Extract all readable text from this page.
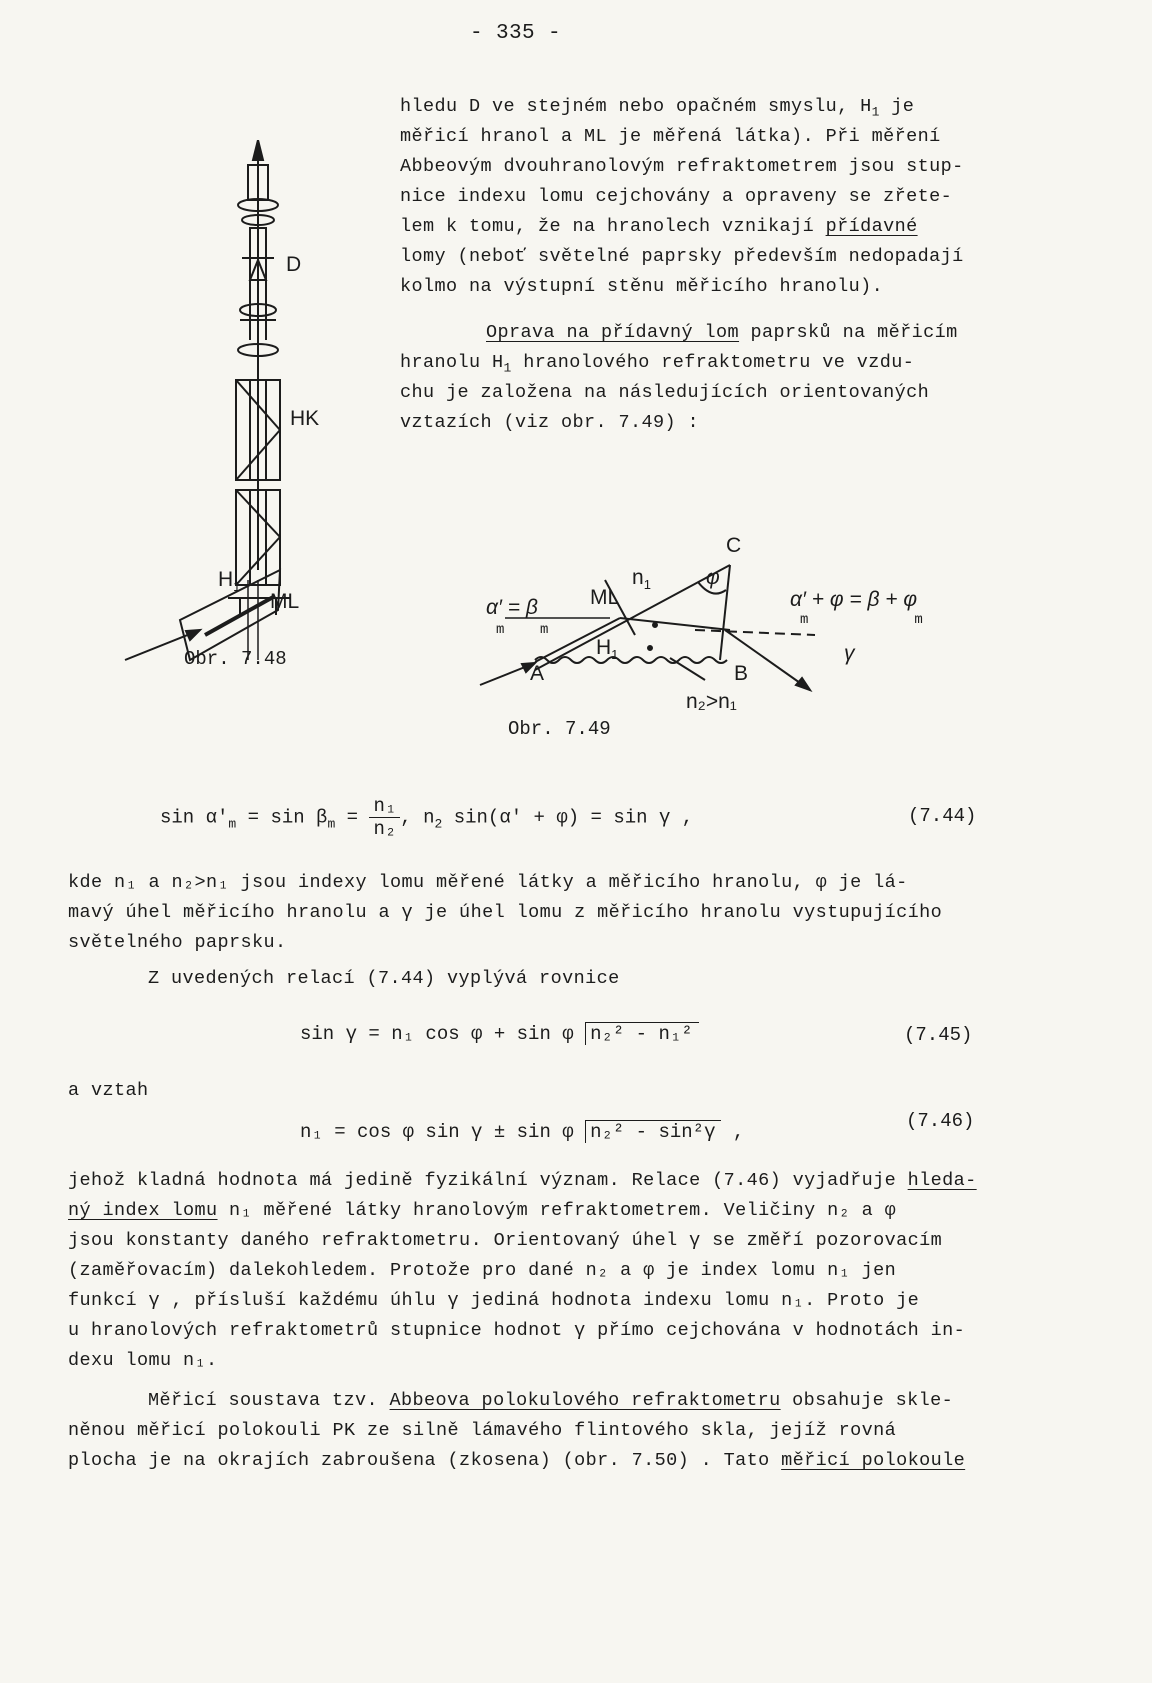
- 335 -
hledu D ve stejném nebo opačném smyslu, $H_1$ je
měřicí hranol a ML je měřená látka). Při měření
Abbeovým dvouhranolovým refraktometrem jsou stup-
nice indexu lomu cejchovány a opraveny se zřete-
lem k tomu, že na hranolech vznikají přídavné
lomy (neboť světelné paprsky především nedopadají
kolmo na výstupní stěnu měřicího hranolu).
Oprava na přídavný lom paprsků na měřicím
hranolu $H_1$ hranolového refraktometru ve vzdu-
chu je založena na následujících orientovaných
vztazích (viz obr. 7.49) :
D
HK
$H_1$
ML
Obr. 7.48
C
A	B
ML
$n_1$
$H_1$
φ
γ
n₂>n₁
α′ = β
m    m
α′ + φ = β + φ
m            m
Obr. 7.49
$\sin \alpha'_m = \sin \beta_m = \frac{\text{n₁}}{\text{n₂}}$ , $n_2$ sin(α′ + φ) = sin γ ,	(7.44)
kde n₁ a n₂>n₁ jsou indexy lomu měřené látky a měřicího hranolu, φ je lá-
mavý úhel měřicího hranolu a γ je úhel lomu z měřicího hranolu vystupujícího
světelného paprsku.
Z uvedených relací (7.44) vyplývá rovnice
sin γ = n₁ cos φ + sin φ n₂² - n₁²	(7.45)
a vztah
n₁ = cos φ sin γ ± sin φ n₂² - sin²γ ,	(7.46)
jehož kladná hodnota má jedině fyzikální význam. Relace (7.46) vyjadřuje hleda-
ný index lomu n₁ měřené látky hranolovým refraktometrem. Veličiny n₂ a φ
jsou konstanty daného refraktometru. Orientovaný úhel γ se změří pozorovacím
(zaměřovacím) dalekohledem. Protože pro dané n₂ a φ je index lomu n₁ jen
funkcí γ , přísluší každému úhlu γ jediná hodnota indexu lomu n₁. Proto je
u hranolových refraktometrů stupnice hodnot γ přímo cejchována v hodnotách in-
dexu lomu n₁.
Měřicí soustava tzv. Abbeova polokulového refraktometru obsahuje skle-
něnou měřicí polokouli PK ze silně lámavého flintového skla, jejíž rovná
plocha je na okrajích zabroušena (zkosena) (obr. 7.50) . Tato měřicí polokoule
